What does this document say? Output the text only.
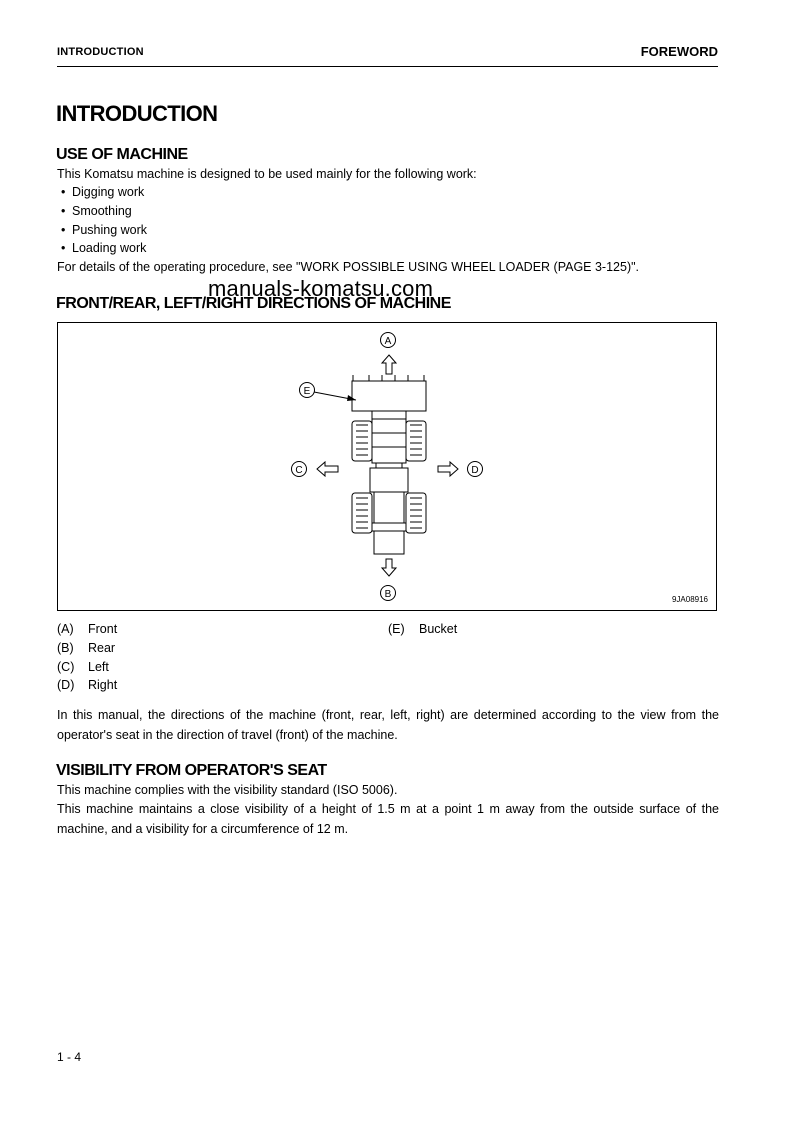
INTRODUCTION	FOREWORD
INTRODUCTION
USE OF MACHINE

This Komatsu machine is designed to be used mainly for the following work:

• Digging work
• Smoothing
• Pushing work
• Loading work

For details of the operating procedure, see "WORK POSSIBLE USING WHEEL LOADER (PAGE 3-125)".

FRONT/REAR, LEFT/RIGHT DIRECTIONS OF MACHINE
manuals-komatsu.com
A
B
C	D
E
9JA08916
(A) Front
(B) Rear
(C) Left
(D) Right
(E) Bucket

In this manual, the directions of the machine (front, rear, left, right) are determined according to the view from the operator's seat in the direction of travel (front) of the machine.

VISIBILITY FROM OPERATOR'S SEAT

This machine complies with the visibility standard (ISO 5006).

This machine maintains a close visibility of a height of 1.5 m at a point 1 m away from the outside surface of the machine, and a visibility for a circumference of 12 m.

1 - 4
